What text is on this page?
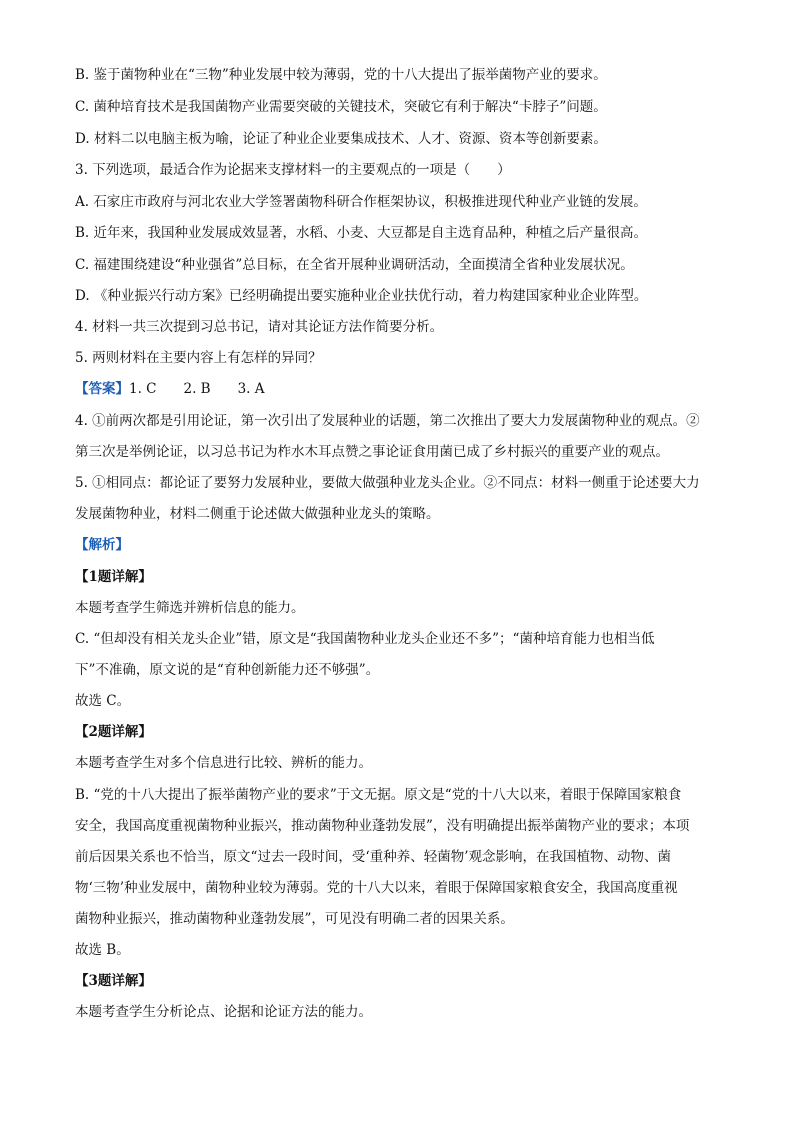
B. 鉴于菌物种业在“三物”种业发展中较为薄弱，党的十八大提出了振举菌物产业的要求。
C. 菌种培育技术是我国菌物产业需要突破的关键技术，突破它有利于解决“卡脖子”问题。
D. 材料二以电脑主板为喻，论证了种业企业要集成技术、人才、资源、资本等创新要素。
3. 下列选项，最适合作为论据来支撑材料一的主要观点的一项是（　　）
A. 石家庄市政府与河北农业大学签署菌物科研合作框架协议，积极推进现代种业产业链的发展。
B. 近年来，我国种业发展成效显著，水稻、小麦、大豆都是自主选育品种，种植之后产量很高。
C. 福建围绕建设“种业强省”总目标，在全省开展种业调研活动，全面摸清全省种业发展状况。
D. 《种业振兴行动方案》已经明确提出要实施种业企业扶优行动，着力构建国家种业企业阵型。
4. 材料一共三次提到习总书记，请对其论证方法作简要分析。
5. 两则材料在主要内容上有怎样的异同？
【答案】1. C　　2. B　　3. A
4. ①前两次都是引用论证，第一次引出了发展种业的话题，第二次推出了要大力发展菌物种业的观点。②
第三次是举例论证，以习总书记为柞水木耳点赞之事论证食用菌已成了乡村振兴的重要产业的观点。
5. ①相同点：都论证了要努力发展种业，要做大做强种业龙头企业。②不同点：材料一侧重于论述要大力
发展菌物种业，材料二侧重于论述做大做强种业龙头的策略。
【解析】
【1题详解】
本题考查学生筛选并辨析信息的能力。
C. “但却没有相关龙头企业”错，原文是“我国菌物种业龙头企业还不多”；“菌种培育能力也相当低
下”不准确，原文说的是“育种创新能力还不够强”。
故选 C。
【2题详解】
本题考查学生对多个信息进行比较、辨析的能力。
B. “党的十八大提出了振举菌物产业的要求”于文无据。原文是“党的十八大以来，着眼于保障国家粮食
安全，我国高度重视菌物种业振兴，推动菌物种业蓬勃发展”，没有明确提出振举菌物产业的要求；本项
前后因果关系也不恰当，原文“过去一段时间，受‘重种养、轻菌物’观念影响，在我国植物、动物、菌
物‘三物’种业发展中，菌物种业较为薄弱。党的十八大以来，着眼于保障国家粮食安全，我国高度重视
菌物种业振兴，推动菌物种业蓬勃发展”，可见没有明确二者的因果关系。
故选 B。
【3题详解】
本题考查学生分析论点、论据和论证方法的能力。
